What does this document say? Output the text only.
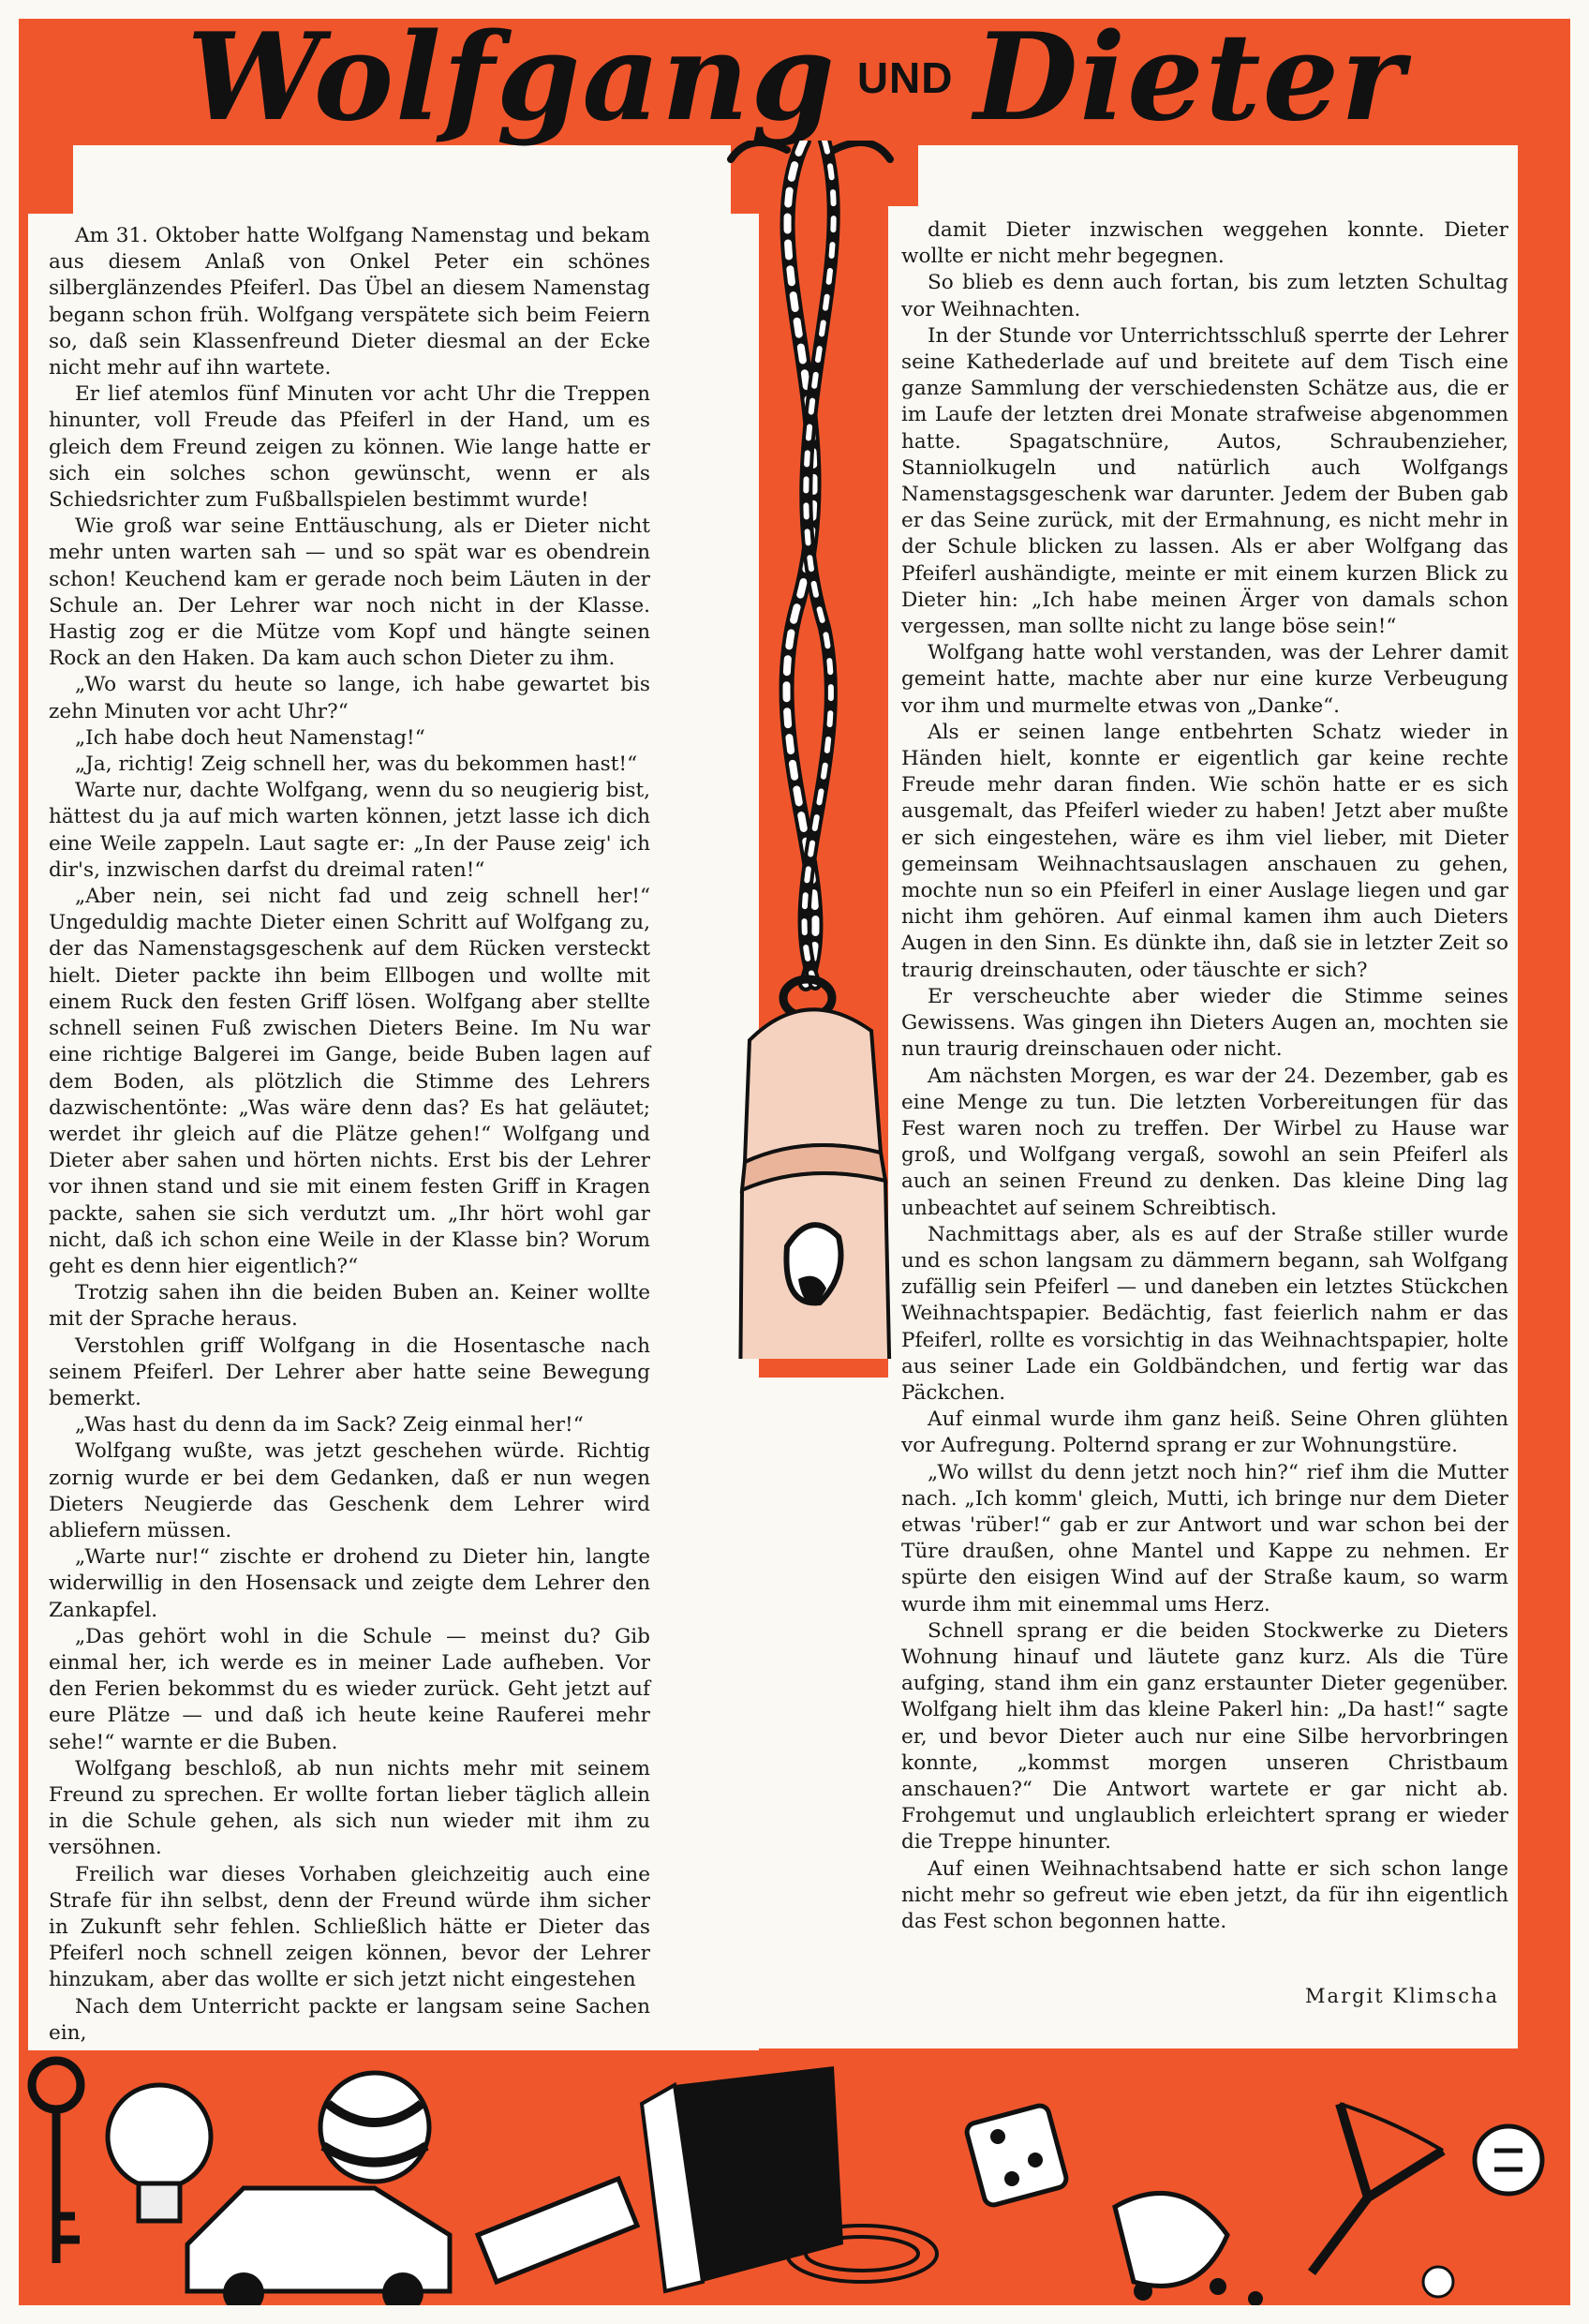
Wolfgang UND Dieter

Am 31. Oktober hatte Wolfgang Namenstag und bekam aus diesem Anlaß von Onkel Peter ein schönes silberglänzendes Pfeiferl. Das Übel an diesem Namenstag begann schon früh. Wolfgang verspätete sich beim Feiern so, daß sein Klassenfreund Dieter diesmal an der Ecke nicht mehr auf ihn wartete.

Er lief atemlos fünf Minuten vor acht Uhr die Treppen hinunter, voll Freude das Pfeiferl in der Hand, um es gleich dem Freund zeigen zu können. Wie lange hatte er sich ein solches schon gewünscht, wenn er als Schiedsrichter zum Fußballspielen bestimmt wurde!

Wie groß war seine Enttäuschung, als er Dieter nicht mehr unten warten sah — und so spät war es obendrein schon! Keuchend kam er gerade noch beim Läuten in der Schule an. Der Lehrer war noch nicht in der Klasse. Hastig zog er die Mütze vom Kopf und hängte seinen Rock an den Haken. Da kam auch schon Dieter zu ihm.

„Wo warst du heute so lange, ich habe gewartet bis zehn Minuten vor acht Uhr?“

„Ich habe doch heut Namenstag!“

„Ja, richtig! Zeig schnell her, was du bekommen hast!“

Warte nur, dachte Wolfgang, wenn du so neugierig bist, hättest du ja auf mich warten können, jetzt lasse ich dich eine Weile zappeln. Laut sagte er: „In der Pause zeig' ich dir's, inzwischen darfst du dreimal raten!“

„Aber nein, sei nicht fad und zeig schnell her!“ Ungeduldig machte Dieter einen Schritt auf Wolfgang zu, der das Namenstagsgeschenk auf dem Rücken versteckt hielt. Dieter packte ihn beim Ellbogen und wollte mit einem Ruck den festen Griff lösen. Wolfgang aber stellte schnell seinen Fuß zwischen Dieters Beine. Im Nu war eine richtige Balgerei im Gange, beide Buben lagen auf dem Boden, als plötzlich die Stimme des Lehrers dazwischentönte: „Was wäre denn das? Es hat geläutet; werdet ihr gleich auf die Plätze gehen!“ Wolfgang und Dieter aber sahen und hörten nichts. Erst bis der Lehrer vor ihnen stand und sie mit einem festen Griff in Kragen packte, sahen sie sich verdutzt um. „Ihr hört wohl gar nicht, daß ich schon eine Weile in der Klasse bin? Worum geht es denn hier eigentlich?“

Trotzig sahen ihn die beiden Buben an. Keiner wollte mit der Sprache heraus.

Verstohlen griff Wolfgang in die Hosentasche nach seinem Pfeiferl. Der Lehrer aber hatte seine Bewegung bemerkt.

„Was hast du denn da im Sack? Zeig einmal her!“

Wolfgang wußte, was jetzt geschehen würde. Richtig zornig wurde er bei dem Gedanken, daß er nun wegen Dieters Neugierde das Geschenk dem Lehrer wird abliefern müssen.

„Warte nur!“ zischte er drohend zu Dieter hin, langte widerwillig in den Hosensack und zeigte dem Lehrer den Zankapfel.

„Das gehört wohl in die Schule — meinst du? Gib einmal her, ich werde es in meiner Lade aufheben. Vor den Ferien bekommst du es wieder zurück. Geht jetzt auf eure Plätze — und daß ich heute keine Rauferei mehr sehe!“ warnte er die Buben.

Wolfgang beschloß, ab nun nichts mehr mit seinem Freund zu sprechen. Er wollte fortan lieber täglich allein in die Schule gehen, als sich nun wieder mit ihm zu versöhnen.

Freilich war dieses Vorhaben gleichzeitig auch eine Strafe für ihn selbst, denn der Freund würde ihm sicher in Zukunft sehr fehlen. Schließlich hätte er Dieter das Pfeiferl noch schnell zeigen können, bevor der Lehrer hinzukam, aber das wollte er sich jetzt nicht eingestehen

Nach dem Unterricht packte er langsam seine Sachen ein,

damit Dieter inzwischen weggehen konnte. Dieter wollte er nicht mehr begegnen.

So blieb es denn auch fortan, bis zum letzten Schultag vor Weihnachten.

In der Stunde vor Unterrichtsschluß sperrte der Lehrer seine Kathederlade auf und breitete auf dem Tisch eine ganze Sammlung der verschiedensten Schätze aus, die er im Laufe der letzten drei Monate strafweise abgenommen hatte. Spagatschnüre, Autos, Schraubenzieher, Stanniolkugeln und natürlich auch Wolfgangs Namenstagsgeschenk war darunter. Jedem der Buben gab er das Seine zurück, mit der Ermahnung, es nicht mehr in der Schule blicken zu lassen. Als er aber Wolfgang das Pfeiferl aushändigte, meinte er mit einem kurzen Blick zu Dieter hin: „Ich habe meinen Ärger von damals schon vergessen, man sollte nicht zu lange böse sein!“

Wolfgang hatte wohl verstanden, was der Lehrer damit gemeint hatte, machte aber nur eine kurze Verbeugung vor ihm und murmelte etwas von „Danke“.

Als er seinen lange entbehrten Schatz wieder in Händen hielt, konnte er eigentlich gar keine rechte Freude mehr daran finden. Wie schön hatte er es sich ausgemalt, das Pfeiferl wieder zu haben! Jetzt aber mußte er sich eingestehen, wäre es ihm viel lieber, mit Dieter gemeinsam Weihnachtsauslagen anschauen zu gehen, mochte nun so ein Pfeiferl in einer Auslage liegen und gar nicht ihm gehören. Auf einmal kamen ihm auch Dieters Augen in den Sinn. Es dünkte ihn, daß sie in letzter Zeit so traurig dreinschauten, oder täuschte er sich?

Er verscheuchte aber wieder die Stimme seines Gewissens. Was gingen ihn Dieters Augen an, mochten sie nun traurig dreinschauen oder nicht.

Am nächsten Morgen, es war der 24. Dezember, gab es eine Menge zu tun. Die letzten Vorbereitungen für das Fest waren noch zu treffen. Der Wirbel zu Hause war groß, und Wolfgang vergaß, sowohl an sein Pfeiferl als auch an seinen Freund zu denken. Das kleine Ding lag unbeachtet auf seinem Schreibtisch.

Nachmittags aber, als es auf der Straße stiller wurde und es schon langsam zu dämmern begann, sah Wolfgang zufällig sein Pfeiferl — und daneben ein letztes Stückchen Weihnachtspapier. Bedächtig, fast feierlich nahm er das Pfeiferl, rollte es vorsichtig in das Weihnachtspapier, holte aus seiner Lade ein Goldbändchen, und fertig war das Päckchen.

Auf einmal wurde ihm ganz heiß. Seine Ohren glühten vor Aufregung. Polternd sprang er zur Wohnungstüre.

„Wo willst du denn jetzt noch hin?“ rief ihm die Mutter nach. „Ich komm' gleich, Mutti, ich bringe nur dem Dieter etwas 'rüber!“ gab er zur Antwort und war schon bei der Türe draußen, ohne Mantel und Kappe zu nehmen. Er spürte den eisigen Wind auf der Straße kaum, so warm wurde ihm mit einemmal ums Herz.

Schnell sprang er die beiden Stockwerke zu Dieters Wohnung hinauf und läutete ganz kurz. Als die Türe aufging, stand ihm ein ganz erstaunter Dieter gegenüber. Wolfgang hielt ihm das kleine Pakerl hin: „Da hast!“ sagte er, und bevor Dieter auch nur eine Silbe hervorbringen konnte, „kommst morgen unseren Christbaum anschauen?“ Die Antwort wartete er gar nicht ab. Frohgemut und unglaublich erleichtert sprang er wieder die Treppe hinunter.

Auf einen Weihnachtsabend hatte er sich schon lange nicht mehr so gefreut wie eben jetzt, da für ihn eigentlich das Fest schon begonnen hatte.

Margit Klimscha
